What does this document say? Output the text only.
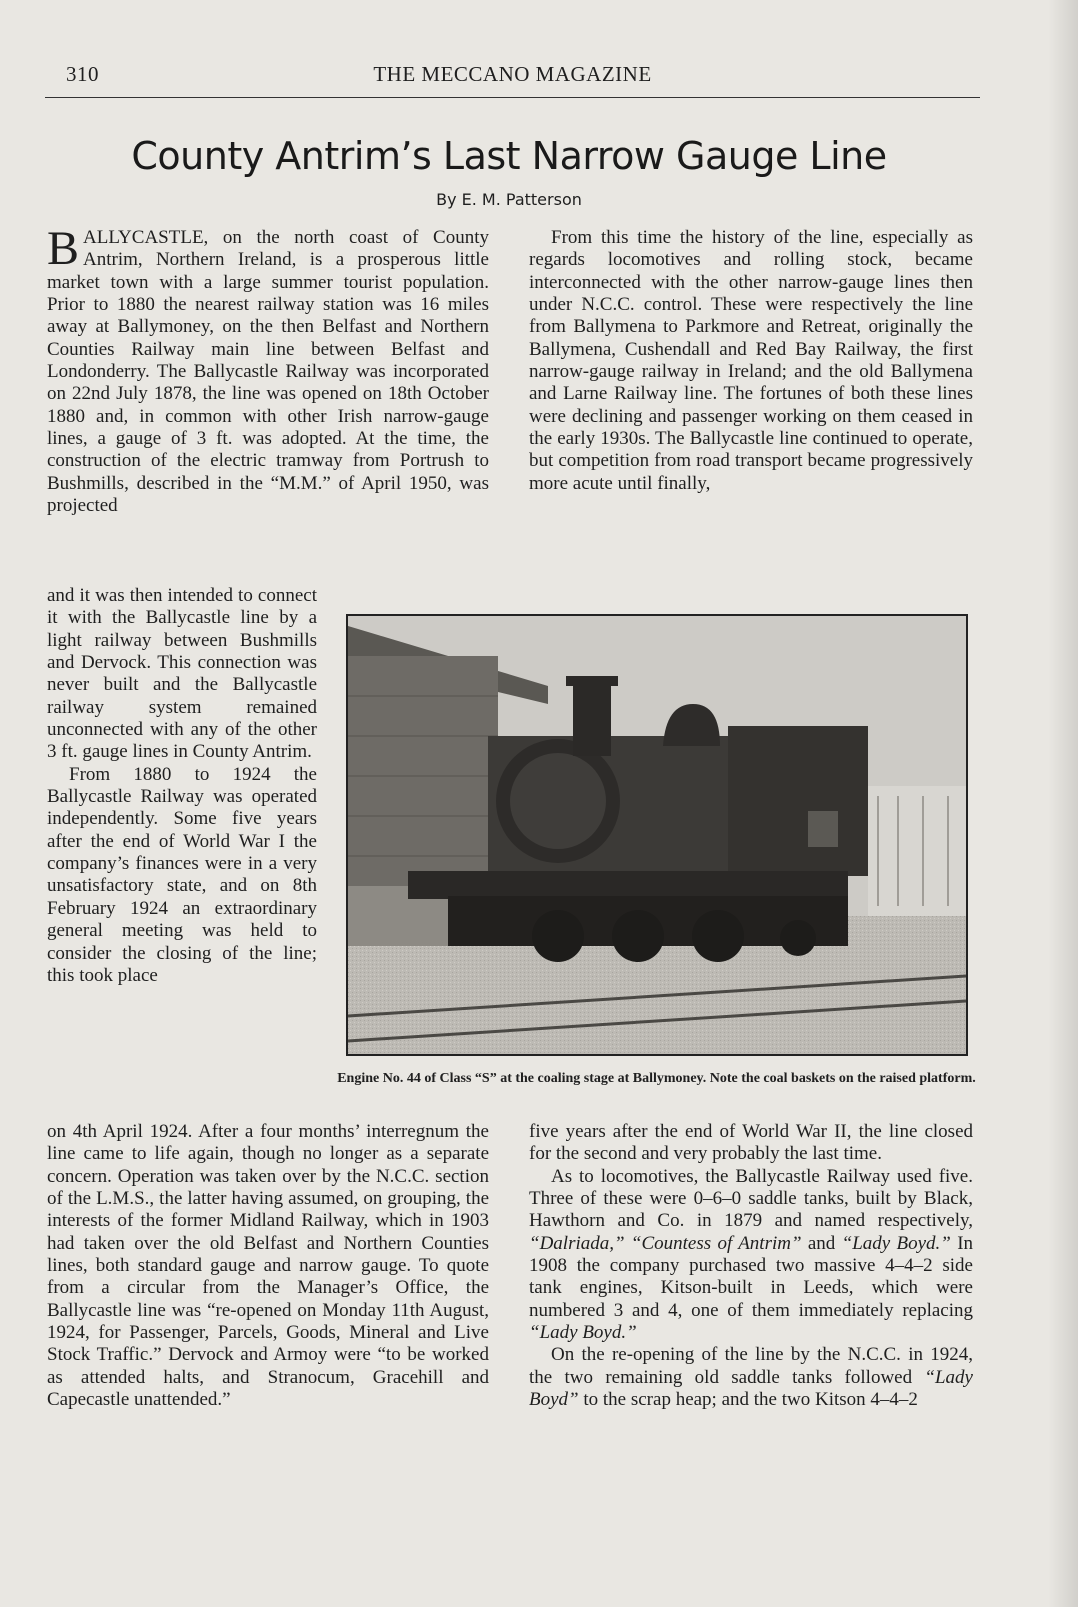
310	THE MECCANO MAGAZINE
County Antrim’s Last Narrow Gauge Line
By E. M. Patterson

BALLYCASTLE, on the north coast of County Antrim, Northern Ireland, is a prosperous little market town with a large summer tourist population. Prior to 1880 the nearest railway station was 16 miles away at Ballymoney, on the then Belfast and Northern Counties Railway main line between Belfast and Londonderry. The Ballycastle Railway was incorporated on 22nd July 1878, the line was opened on 18th October 1880 and, in common with other Irish narrow-gauge lines, a gauge of 3 ft. was adopted. At the time, the construction of the electric tramway from Portrush to Bushmills, described in the “M.M.” of April 1950, was projected

and it was then intended to connect it with the Ballycastle line by a light railway between Bushmills and Dervock. This connection was never built and the Ballycastle railway system remained unconnected with any of the other 3 ft. gauge lines in County Antrim.

From 1880 to 1924 the Ballycastle Railway was operated independently. Some five years after the end of World War I the company’s finances were in a very unsatisfactory state, and on 8th February 1924 an extraordinary general meeting was held to consider the closing of the line; this took place

on 4th April 1924. After a four months’ interregnum the line came to life again, though no longer as a separate concern. Operation was taken over by the N.C.C. section of the L.M.S., the latter having assumed, on grouping, the interests of the former Midland Railway, which in 1903 had taken over the old Belfast and Northern Counties lines, both standard gauge and narrow gauge. To quote from a circular from the Manager’s Office, the Ballycastle line was “re-opened on Monday 11th August, 1924, for Passenger, Parcels, Goods, Mineral and Live Stock Traffic.” Dervock and Armoy were “to be worked as attended halts, and Stranocum, Gracehill and Capecastle unattended.”

From this time the history of the line, especially as regards locomotives and rolling stock, became interconnected with the other narrow-gauge lines then under N.C.C. control. These were respectively the line from Ballymena to Parkmore and Retreat, originally the Ballymena, Cushendall and Red Bay Railway, the first narrow-gauge railway in Ireland; and the old Ballymena and Larne Railway line. The fortunes of both these lines were declining and passenger working on them ceased in the early 1930s. The Ballycastle line continued to operate, but competition from road transport became progressively more acute until finally,

Engine No. 44 of Class “S” at the coaling stage at Ballymoney. Note the coal baskets on the raised platform.

five years after the end of World War II, the line closed for the second and very probably the last time.

As to locomotives, the Ballycastle Railway used five. Three of these were 0–6–0 saddle tanks, built by Black, Hawthorn and Co. in 1879 and named respectively, “Dalriada,” “Countess of Antrim” and “Lady Boyd.” In 1908 the company purchased two massive 4–4–2 side tank engines, Kitson-built in Leeds, which were numbered 3 and 4, one of them immediately replacing “Lady Boyd.”

On the re-opening of the line by the N.C.C. in 1924, the two remaining old saddle tanks followed “Lady Boyd” to the scrap heap; and the two Kitson 4–4–2
